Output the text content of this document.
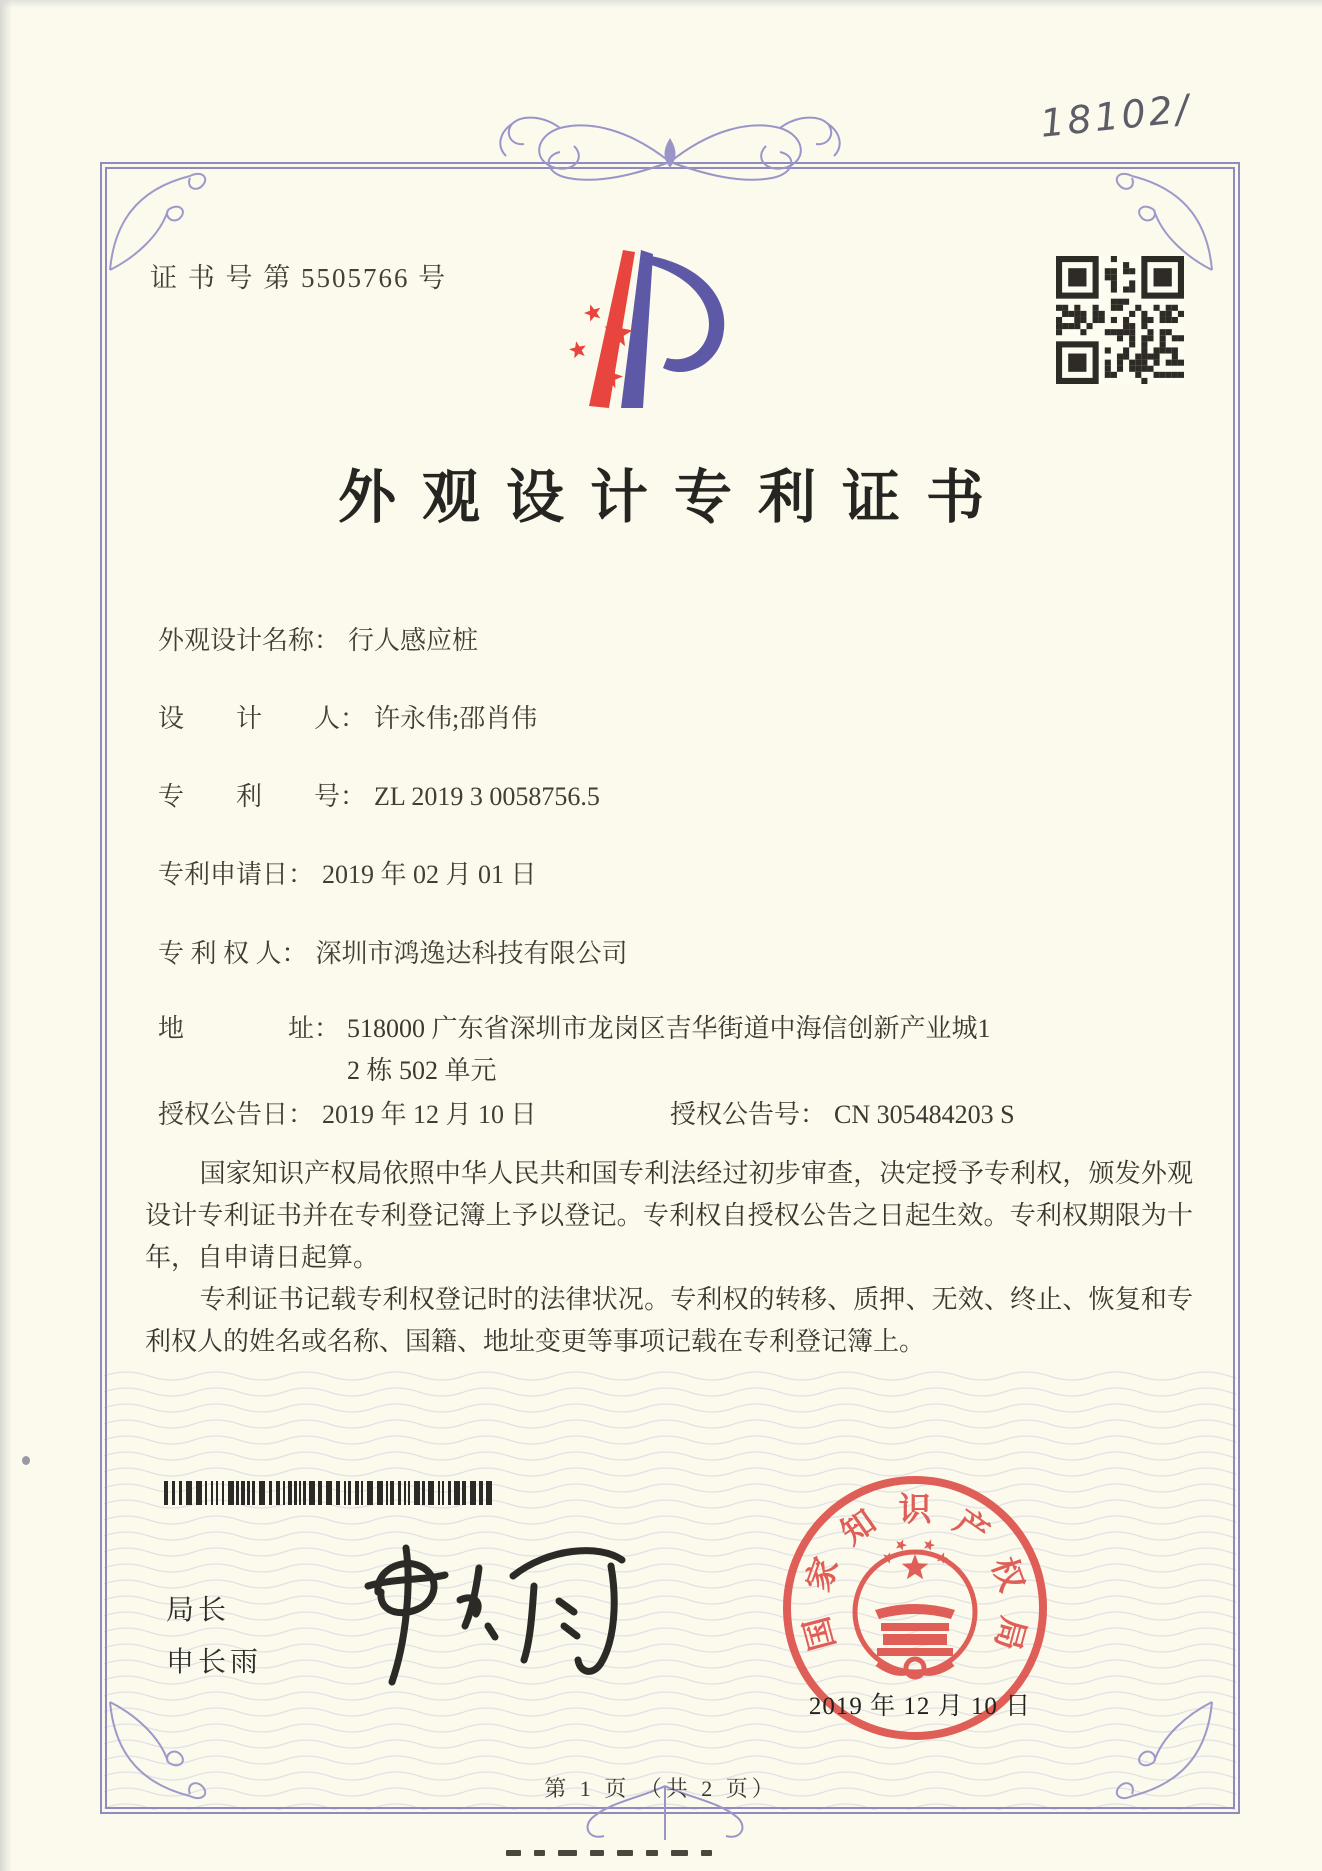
18102/
证 书 号 第 5505766 号
外观设计专利证书
外观设计名称： 行人感应桩
设　　计　　人： 许永伟;邵肖伟
专　　利　　号： ZL 2019 3 0058756.5
专利申请日： 2019 年 02 月 01 日
专 利 权 人： 深圳市鸿逸达科技有限公司
地　　　　址： 518000 广东省深圳市龙岗区吉华街道中海信创新产业城1
2 栋 502 单元
授权公告日： 2019 年 12 月 10 日	授权公告号： CN 305484203 S

国家知识产权局依照中华人民共和国专利法经过初步审查，决定授予专利权，颁发外观设计专利证书并在专利登记簿上予以登记。专利权自授权公告之日起生效。专利权期限为十年，自申请日起算。

专利证书记载专利权登记时的法律状况。专利权的转移、质押、无效、终止、恢复和专利权人的姓名或名称、国籍、地址变更等事项记载在专利登记簿上。

局长
申长雨
国
家
知 识 产
权
局
2019 年 12 月 10 日
第 1 页 （共 2 页）
